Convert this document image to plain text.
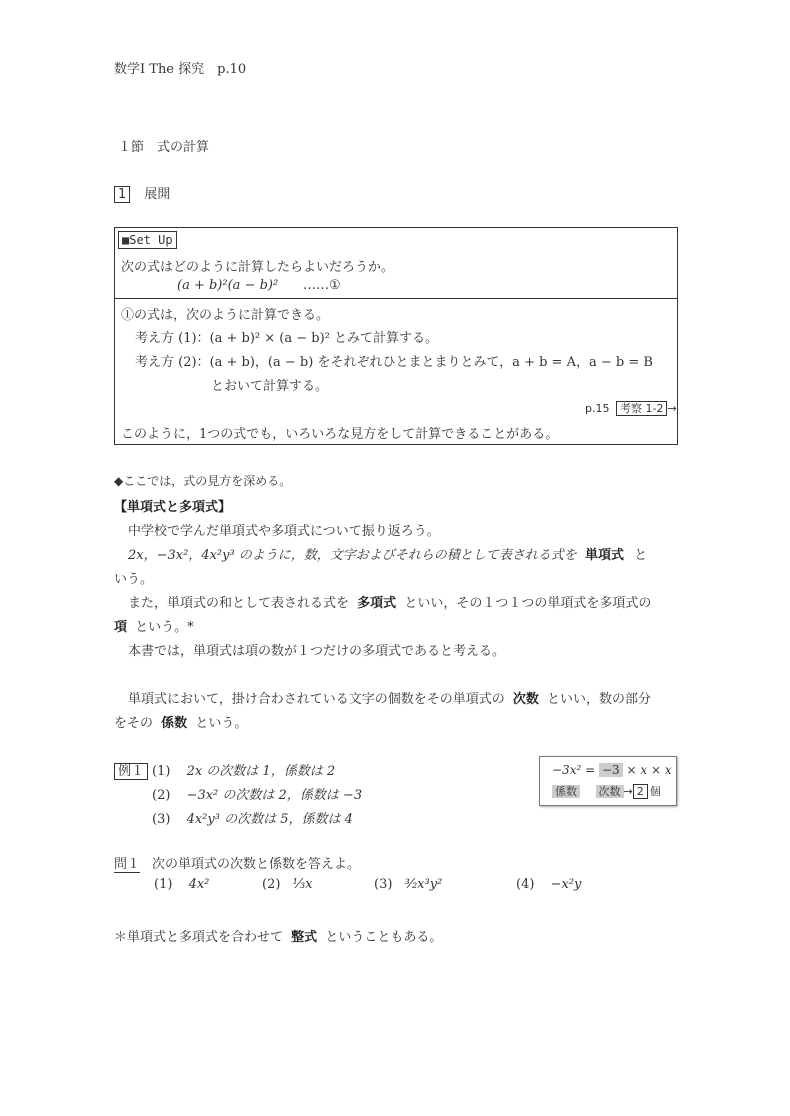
数学Ⅰ The 探究　p.10
１節　式の計算
1 展開
■Set Up
次の式はどのように計算したらよいだろうか。
(a + b)²(a − b)² ……①
①の式は，次のように計算できる。
考え方 (1)：(a + b)² × (a − b)² とみて計算する。
考え方 (2)：(a + b)，(a − b) をそれぞれひとまとまりとみて，a + b = A，a − b = B
とおいて計算する。
p.15 考察 1-2 →
このように，1つの式でも，いろいろな見方をして計算できることがある。
◆ここでは，式の見方を深める。
【単項式と多項式】
中学校で学んだ単項式や多項式について振り返ろう。
2x，−3x²，4x²y³ のように，数，文字およびそれらの積として表される式を 単項式 と
いう。
また，単項式の和として表される式を 多項式 といい，その１つ１つの単項式を多項式の
項 という。*
本書では，単項式は項の数が１つだけの多項式であると考える。
単項式において，掛け合わされている文字の個数をその単項式の 次数 といい，数の部分
をその 係数 という。
例１ (1) 2x の次数は 1，係数は 2
(2) −3x² の次数は 2，係数は −3
(3) 4x²y³ の次数は 5，係数は 4
−3x² = −3 × x × x
係数 次数 → 2 個
問１ 次の単項式の次数と係数を答えよ。
(1) 4x²	(2) ⅓x	(3) ³⁄₂x³y²	(4) −x²y
＊単項式と多項式を合わせて 整式 ということもある。
